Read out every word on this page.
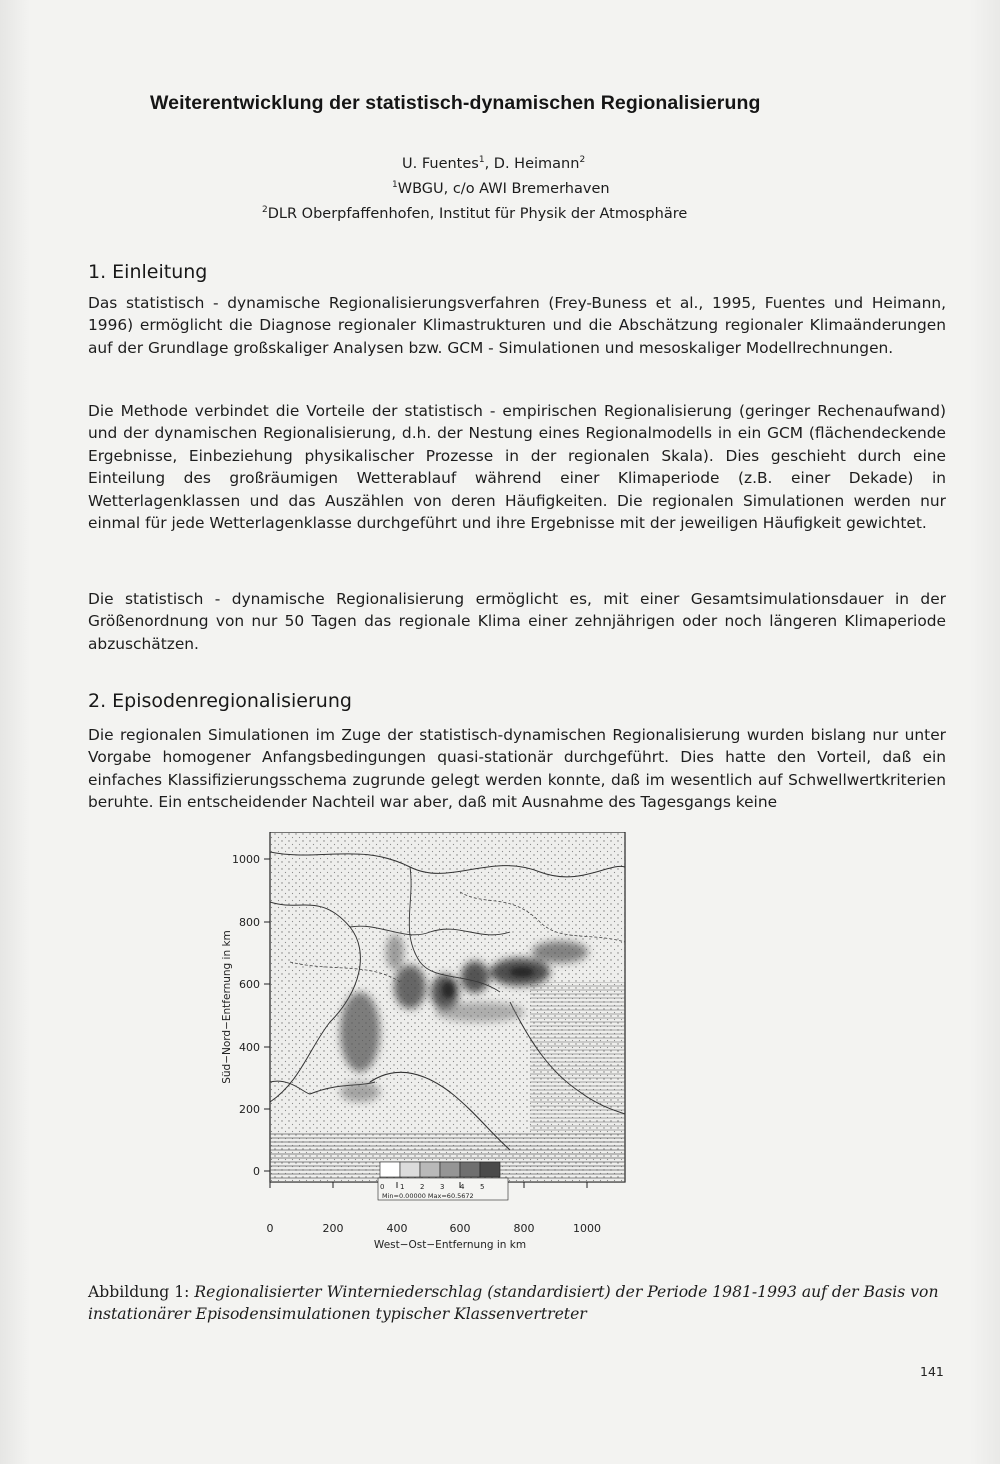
Weiterentwicklung der statistisch-dynamischen Regionalisierung
U. Fuentes$^1$, D. Heimann$^2$
$^1$WBGU, c/o AWI Bremerhaven
$^2$DLR Oberpfaffenhofen, Institut für Physik der Atmosphäre
1. Einleitung

Das statistisch - dynamische Regionalisierungsverfahren (Frey-Buness et al., 1995, Fuentes und Heimann, 1996) ermöglicht die Diagnose regionaler Klimastrukturen und die Abschätzung regionaler Klimaänderungen auf der Grundlage großskaliger Analysen bzw. GCM - Simulationen und mesoskaliger Modellrechnungen.

Die Methode verbindet die Vorteile der statistisch - empirischen Regionalisierung (geringer Rechenaufwand) und der dynamischen Regionalisierung, d.h. der Nestung eines Regionalmodells in ein GCM (flächendeckende Ergebnisse, Einbeziehung physikalischer Prozesse in der regionalen Skala). Dies geschieht durch eine Einteilung des großräumigen Wetterablauf während einer Klimaperiode (z.B. einer Dekade) in Wetterlagenklassen und das Auszählen von deren Häufigkeiten. Die regionalen Simulationen werden nur einmal für jede Wetterlagenklasse durchgeführt und ihre Ergebnisse mit der jeweiligen Häufigkeit gewichtet.

Die statistisch - dynamische Regionalisierung ermöglicht es, mit einer Gesamtsimulationsdauer in der Größenordnung von nur 50 Tagen das regionale Klima einer zehnjährigen oder noch längeren Klimaperiode abzuschätzen.

2. Episodenregionalisierung

Die regionalen Simulationen im Zuge der statistisch-dynamischen Regionalisierung wurden bislang nur unter Vorgabe homogener Anfangsbedingungen quasi-stationär durchgeführt. Dies hatte den Vorteil, daß ein einfaches Klassifizierungsschema zugrunde gelegt werden konnte, daß im wesentlich auf Schwellwertkriterien beruhte. Ein entscheidender Nachteil war aber, daß mit Ausnahme des Tagesgangs keine

0 1 2 3 4 5
Min=0.00000 Max=60.5672
0
200
400
600
800
1000
Süd−Nord−Entfernung in km
0	200	400	600	800	1000
West−Ost−Entfernung in km
Abbildung 1: Regionalisierter Winterniederschlag (standardisiert) der Periode 1981-1993 auf der Basis von instationärer Episodensimulationen typischer Klassenvertreter
141
